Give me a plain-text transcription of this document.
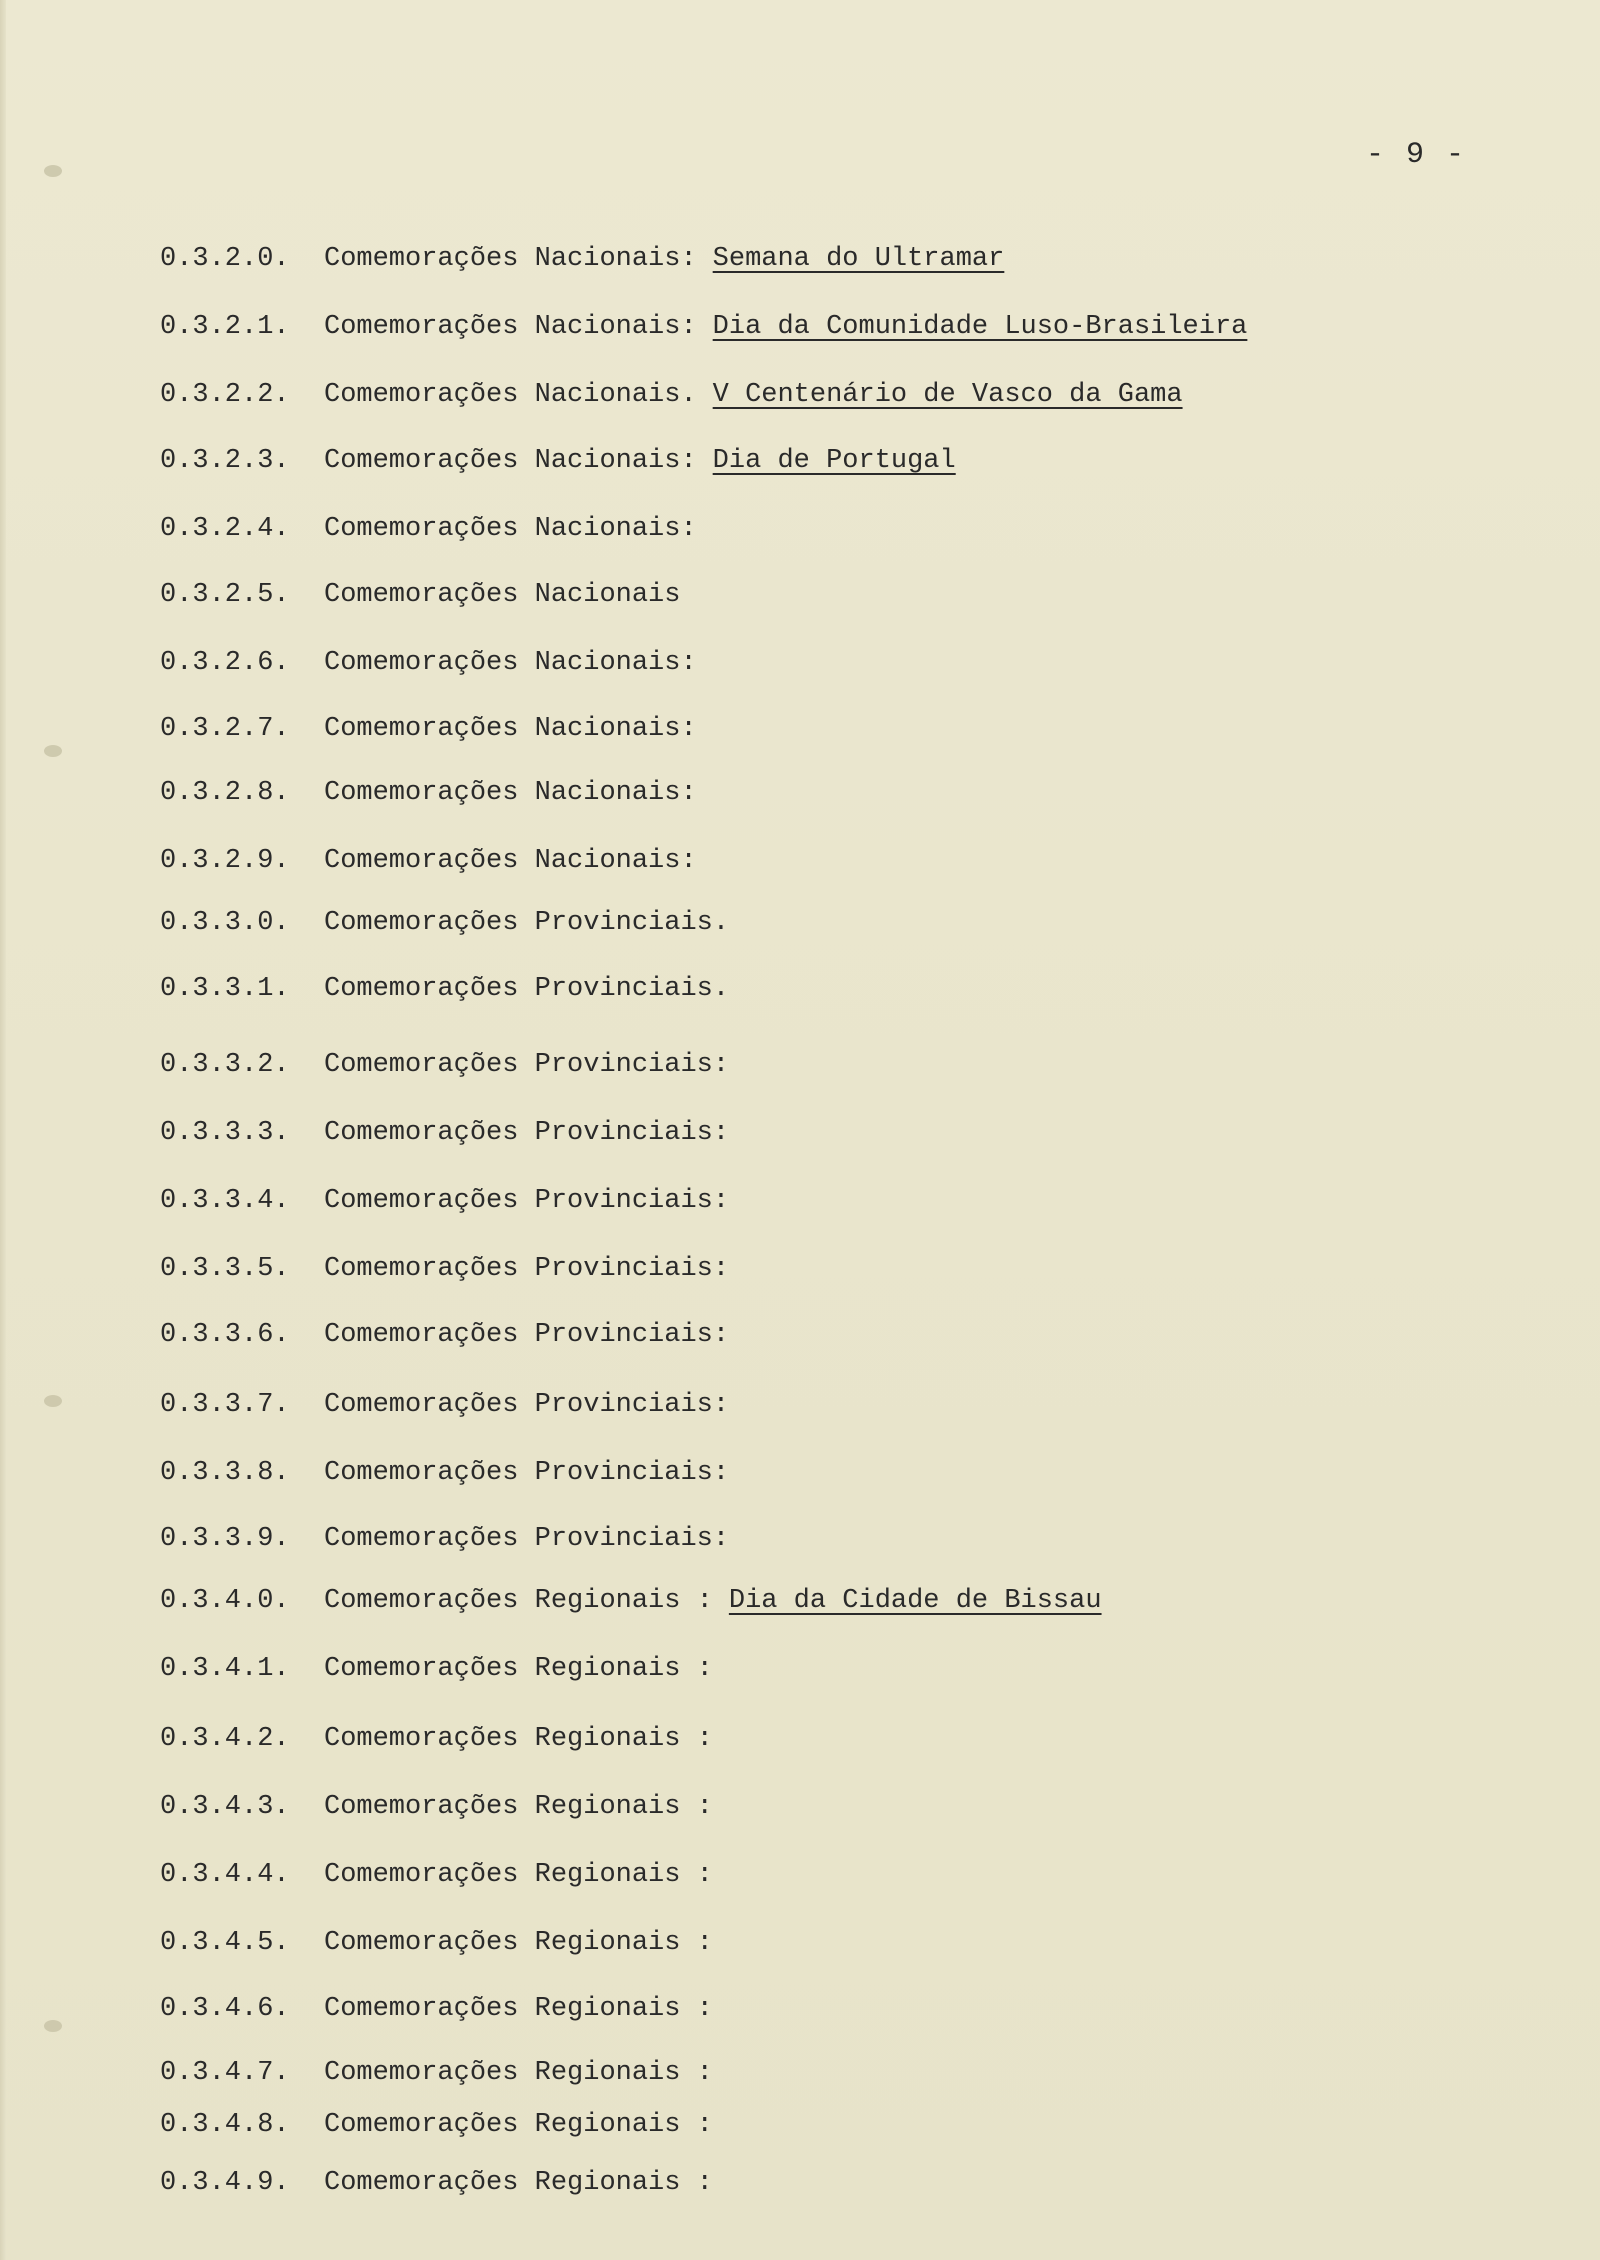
- 9 -
0.3.2.0. Comemorações Nacionais: Semana do Ultramar
0.3.2.1. Comemorações Nacionais: Dia da Comunidade Luso-Brasileira
0.3.2.2. Comemorações Nacionais. V Centenário de Vasco da Gama
0.3.2.3. Comemorações Nacionais: Dia de Portugal
0.3.2.4. Comemorações Nacionais:
0.3.2.5. Comemorações Nacionais
0.3.2.6. Comemorações Nacionais:
0.3.2.7. Comemorações Nacionais:
0.3.2.8. Comemorações Nacionais:
0.3.2.9. Comemorações Nacionais:
0.3.3.0. Comemorações Provinciais.
0.3.3.1. Comemorações Provinciais.
0.3.3.2. Comemorações Provinciais:
0.3.3.3. Comemorações Provinciais:
0.3.3.4. Comemorações Provinciais:
0.3.3.5. Comemorações Provinciais:
0.3.3.6. Comemorações Provinciais:
0.3.3.7. Comemorações Provinciais:
0.3.3.8. Comemorações Provinciais:
0.3.3.9. Comemorações Provinciais:
0.3.4.0. Comemorações Regionais : Dia da Cidade de Bissau
0.3.4.1. Comemorações Regionais :
0.3.4.2. Comemorações Regionais :
0.3.4.3. Comemorações Regionais :
0.3.4.4. Comemorações Regionais :
0.3.4.5. Comemorações Regionais :
0.3.4.6. Comemorações Regionais :
0.3.4.7. Comemorações Regionais :
0.3.4.8. Comemorações Regionais :
0.3.4.9. Comemorações Regionais :
